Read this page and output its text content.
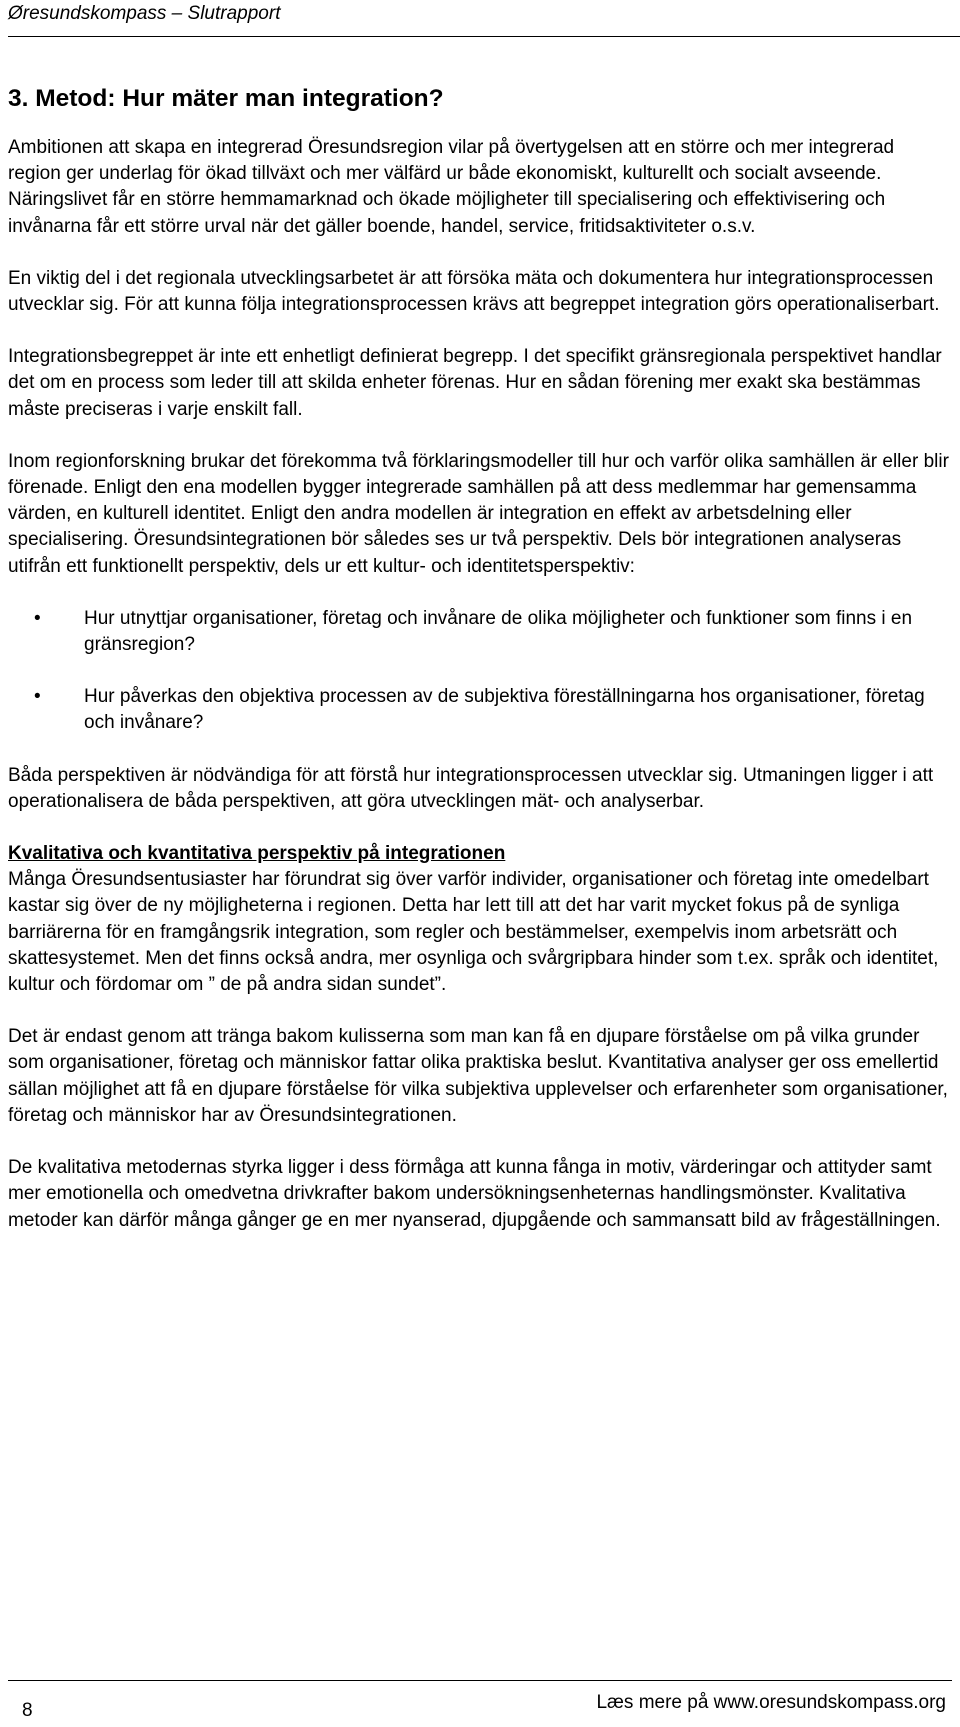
Øresundskompass – Slutrapport
3. Metod: Hur mäter man integration?

Ambitionen att skapa en integrerad Öresundsregion vilar på övertygelsen att en större och mer integrerad region ger underlag för ökad tillväxt och mer välfärd ur både ekonomiskt, kulturellt och socialt avseende. Näringslivet får en större hemmamarknad och ökade möjligheter till specialisering och effektivisering och invånarna får ett större urval när det gäller boende, handel, service, fritidsaktiviteter o.s.v.

En viktig del i det regionala utvecklingsarbetet är att försöka mäta och dokumentera hur integrationsprocessen utvecklar sig. För att kunna följa integrationsprocessen krävs att begreppet integration görs operationaliserbart.

Integrationsbegreppet är inte ett enhetligt definierat begrepp. I det specifikt gränsregionala perspektivet handlar det om en process som leder till att skilda enheter förenas. Hur en sådan förening mer exakt ska bestämmas måste preciseras i varje enskilt fall.

Inom regionforskning brukar det förekomma två förklaringsmodeller till hur och varför olika samhällen är eller blir förenade. Enligt den ena modellen bygger integrerade samhällen på att dess medlemmar har gemensamma värden, en kulturell identitet. Enligt den andra modellen är integration en effekt av arbetsdelning eller specialisering. Öresundsintegrationen bör således ses ur två perspektiv. Dels bör integrationen analyseras utifrån ett funktionellt perspektiv, dels ur ett kultur- och identitetsperspektiv:

• Hur utnyttjar organisationer, företag och invånare de olika möjligheter och funktioner som finns i en gränsregion?
• Hur påverkas den objektiva processen av de subjektiva föreställningarna hos organisationer, företag och invånare?

Båda perspektiven är nödvändiga för att förstå hur integrationsprocessen utvecklar sig. Utmaningen ligger i att operationalisera de båda perspektiven, att göra utvecklingen mät- och analyserbar.

Kvalitativa och kvantitativa perspektiv på integrationen

Många Öresundsentusiaster har förundrat sig över varför individer, organisationer och företag inte omedelbart kastar sig över de ny möjligheterna i regionen. Detta har lett till att det har varit mycket fokus på de synliga barriärerna för en framgångsrik integration, som regler och bestämmelser, exempelvis inom arbetsrätt och skattesystemet. Men det finns också andra, mer osynliga och svårgripbara hinder som t.ex. språk och identitet, kultur och fördomar om ” de på andra sidan sundet”.

Det är endast genom att tränga bakom kulisserna som man kan få en djupare förståelse om på vilka grunder som organisationer, företag och människor fattar olika praktiska beslut. Kvantitativa analyser ger oss emellertid sällan möjlighet att få en djupare förståelse för vilka subjektiva upplevelser och erfarenheter som organisationer, företag och människor har av Öresundsintegrationen.

De kvalitativa metodernas styrka ligger i dess förmåga att kunna fånga in motiv, värderingar och attityder samt mer emotionella och omedvetna drivkrafter bakom undersökningsenheternas handlingsmönster. Kvalitativa metoder kan därför många gånger ge en mer nyanserad, djupgående och sammansatt bild av frågeställningen.

8	Læs mere på www.oresundskompass.org
